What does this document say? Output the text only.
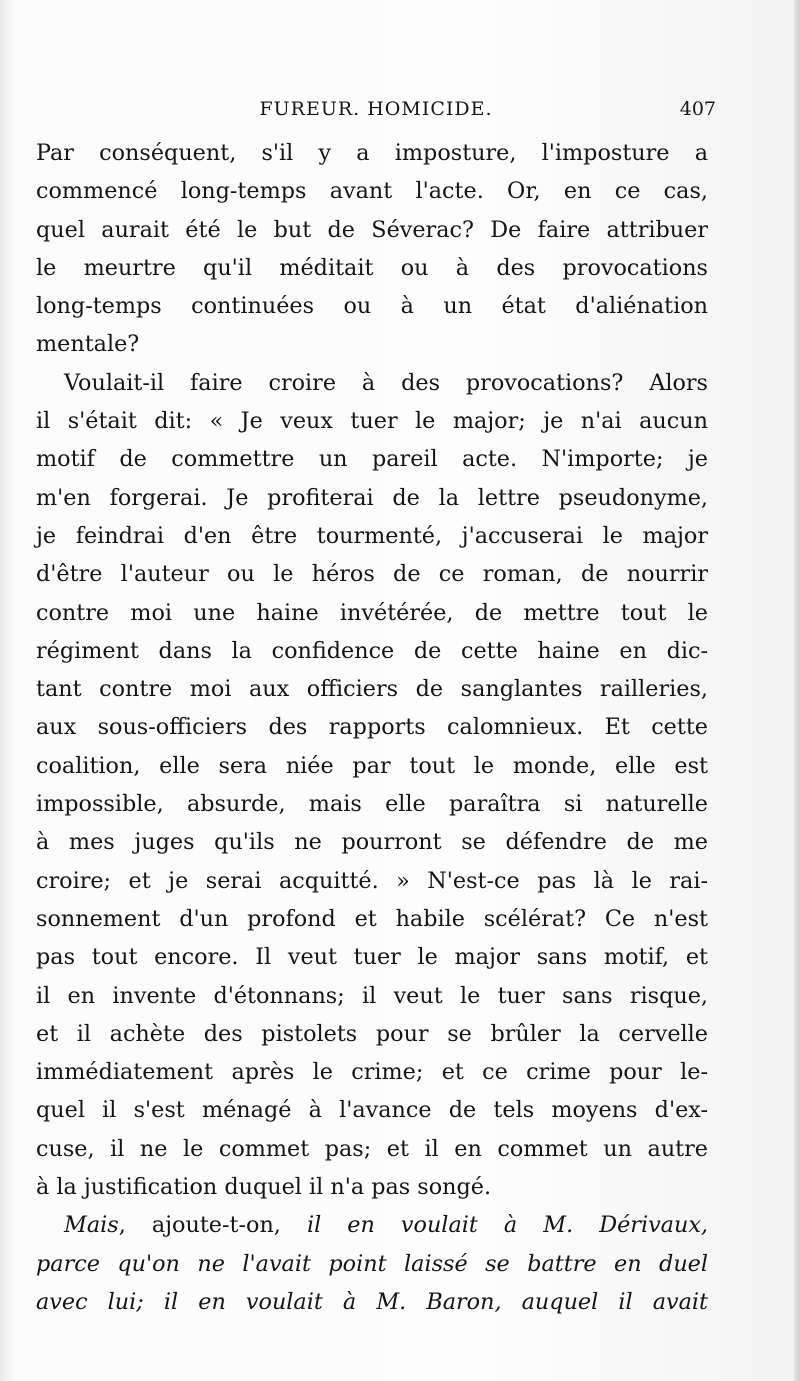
FUREUR. HOMICIDE.	407
Par conséquent, s'il y a imposture, l'imposture a
commencé long-temps avant l'acte. Or, en ce cas,
quel aurait été le but de Séverac? De faire attribuer
le meurtre qu'il méditait ou à des provocations
long-temps continuées ou à un état d'aliénation
mentale?
Voulait-il faire croire à des provocations? Alors
il s'était dit: « Je veux tuer le major; je n'ai aucun
motif de commettre un pareil acte. N'importe; je
m'en forgerai. Je profiterai de la lettre pseudonyme,
je feindrai d'en être tourmenté, j'accuserai le major
d'être l'auteur ou le héros de ce roman, de nourrir
contre moi une haine invétérée, de mettre tout le
régiment dans la confidence de cette haine en dic-
tant contre moi aux officiers de sanglantes railleries,
aux sous-officiers des rapports calomnieux. Et cette
coalition, elle sera niée par tout le monde, elle est
impossible, absurde, mais elle paraîtra si naturelle
à mes juges qu'ils ne pourront se défendre de me
croire; et je serai acquitté. » N'est-ce pas là le rai-
sonnement d'un profond et habile scélérat? Ce n'est
pas tout encore. Il veut tuer le major sans motif, et
il en invente d'étonnans; il veut le tuer sans risque,
et il achète des pistolets pour se brûler la cervelle
immédiatement après le crime; et ce crime pour le-
quel il s'est ménagé à l'avance de tels moyens d'ex-
cuse, il ne le commet pas; et il en commet un autre
à la justification duquel il n'a pas songé.
Mais, ajoute-t-on, il en voulait à M. Dérivaux,
parce qu'on ne l'avait point laissé se battre en duel
avec lui; il en voulait à M. Baron, auquel il avait
